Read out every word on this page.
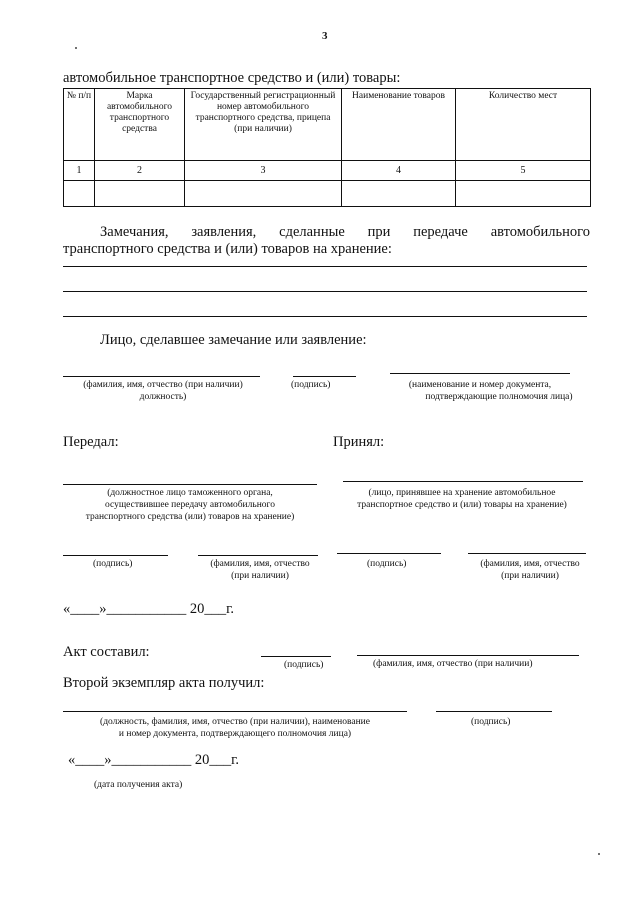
3
автомобильное транспортное средство и (или) товары:
№ п/п	Марка автомобильного транспортного средства	Государственный регистрационный номер автомобильного транспортного средства, прицепа (при наличии)	Наименование товаров	Количество мест
1	2	3	4	5

Замечания, заявления, сделанные при передаче автомобильного
транспортного средства и (или) товаров на хранение:
Лицо, сделавшее замечание или заявление:
(фамилия, имя, отчество (при наличии)
должность)
(подпись)	(наименование и номер документа,
подтверждающие полномочия лица)
Передал:	Принял:
(должностное лицо таможенного органа,
осуществившее передачу автомобильного
транспортного средства (или) товаров на хранение)
(лицо, принявшее на хранение автомобильное
транспортное средство и (или) товары на хранение)
(подпись)	(фамилия, имя, отчество
(при наличии)
(подпись)	(фамилия, имя, отчество
(при наличии)
«____»___________ 20___г.
Акт составил:
(подпись)	(фамилия, имя, отчество (при наличии)
Второй экземпляр акта получил:
(должность, фамилия, имя, отчество (при наличии), наименование
и номер документа, подтверждающего полномочия лица)
(подпись)
«____»___________ 20___г.
(дата получения акта)
